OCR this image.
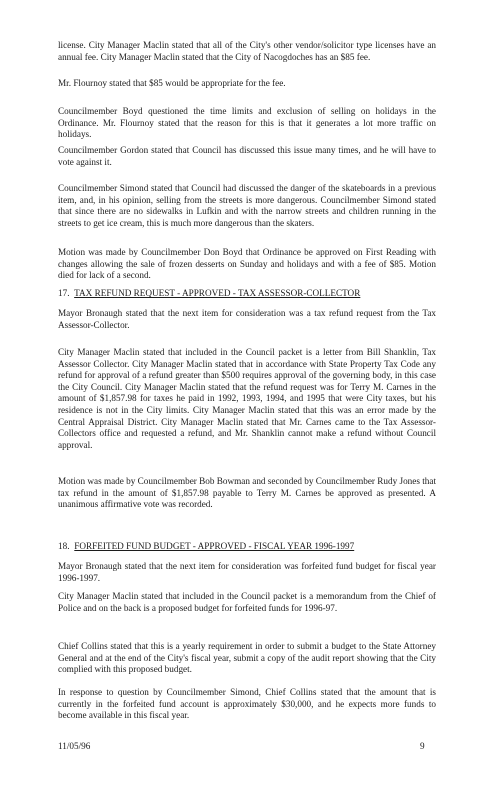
license. City Manager Maclin stated that all of the City's other vendor/solicitor type licenses have an annual fee. City Manager Maclin stated that the City of Nacogdoches has an $85 fee.

Mr. Flournoy stated that $85 would be appropriate for the fee.

Councilmember Boyd questioned the time limits and exclusion of selling on holidays in the Ordinance. Mr. Flournoy stated that the reason for this is that it generates a lot more traffic on holidays.

Councilmember Gordon stated that Council has discussed this issue many times, and he will have to vote against it.

Councilmember Simond stated that Council had discussed the danger of the skateboards in a previous item, and, in his opinion, selling from the streets is more dangerous. Councilmember Simond stated that since there are no sidewalks in Lufkin and with the narrow streets and children running in the streets to get ice cream, this is much more dangerous than the skaters.

Motion was made by Councilmember Don Boyd that Ordinance be approved on First Reading with changes allowing the sale of frozen desserts on Sunday and holidays and with a fee of $85. Motion died for lack of a second.

17. TAX REFUND REQUEST - APPROVED - TAX ASSESSOR-COLLECTOR

Mayor Bronaugh stated that the next item for consideration was a tax refund request from the Tax Assessor-Collector.

City Manager Maclin stated that included in the Council packet is a letter from Bill Shanklin, Tax Assessor Collector. City Manager Maclin stated that in accordance with State Property Tax Code any refund for approval of a refund greater than $500 requires approval of the governing body, in this case the City Council. City Manager Maclin stated that the refund request was for Terry M. Carnes in the amount of $1,857.98 for taxes he paid in 1992, 1993, 1994, and 1995 that were City taxes, but his residence is not in the City limits. City Manager Maclin stated that this was an error made by the Central Appraisal District. City Manager Maclin stated that Mr. Carnes came to the Tax Assessor-Collectors office and requested a refund, and Mr. Shanklin cannot make a refund without Council approval.

Motion was made by Councilmember Bob Bowman and seconded by Councilmember Rudy Jones that tax refund in the amount of $1,857.98 payable to Terry M. Carnes be approved as presented. A unanimous affirmative vote was recorded.

18. FORFEITED FUND BUDGET - APPROVED - FISCAL YEAR 1996-1997

Mayor Bronaugh stated that the next item for consideration was forfeited fund budget for fiscal year 1996-1997.

City Manager Maclin stated that included in the Council packet is a memorandum from the Chief of Police and on the back is a proposed budget for forfeited funds for 1996-97.

Chief Collins stated that this is a yearly requirement in order to submit a budget to the State Attorney General and at the end of the City's fiscal year, submit a copy of the audit report showing that the City complied with this proposed budget.

In response to question by Councilmember Simond, Chief Collins stated that the amount that is currently in the forfeited fund account is approximately $30,000, and he expects more funds to become available in this fiscal year.

11/05/96	9
